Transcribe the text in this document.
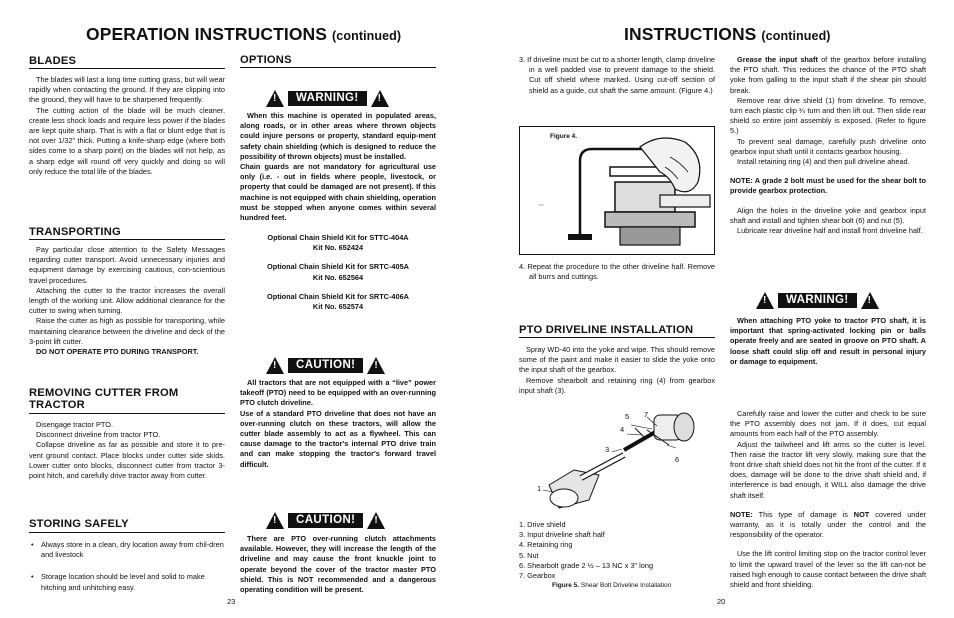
OPERATION INSTRUCTIONS (continued)
BLADES

The blades will last a long time cutting grass, but will wear rapidly when contacting the ground. If they are clipping into the ground, they will have to be sharpened frequently.

The cutting action of the blade will be much cleaner, create less shock loads and require less power if the blades are kept quite sharp. That is with a flat or blunt edge that is not over 1/32" thick. Putting a knife-sharp edge (where both sides come to a sharp point) on the blades will not help, as a sharp edge will round off very quickly and doing so will only reduce the total life of the blades.

TRANSPORTING

Pay particular close attention to the Safety Messages regarding cutter transport. Avoid unnecessary injuries and equipment damage by exercising cautious, con-scientious travel procedures.

Attaching the cutter to the tractor increases the overall length of the working unit. Allow additional clearance for the cutter to swing when turning.

Raise the cutter as high as possible for transporting, while maintaining clearance between the driveline and deck of the 3-point lift cutter.

DO NOT OPERATE PTO DURING TRANSPORT.

REMOVING CUTTER FROM
TRACTOR

Disengage tractor PTO.

Disconnect driveline from tractor PTO.

Collapse driveline as far as possible and store it to pre-vent ground contact. Place blocks under cutter side skids. Lower cutter onto blocks, disconnect cutter from tractor 3-point hitch, and carefully drive tractor away from cutter.

STORING SAFELY
• Always store in a clean, dry location away from chil-dren and livestock
• Storage location should be level and solid to make hitching and unhitching easy.
23
OPTIONS
!
WARNING!
!

When this machine is operated in populated areas, along roads, or in other areas where thrown objects could injure persons or property, standard equip-ment safety chain shielding (which is designed to reduce the possibility of thrown objects) must be installed.

Chain guards are not mandatory for agricultural use only (i.e. - out in fields where people, livestock, or property that could be damaged are not present). If this machine is not equipped with chain shielding, operation must be stopped when anyone comes within several hundred feet.

Optional Chain Shield Kit for STTC-404A
Kit No. 652424
Optional Chain Shield Kit for SRTC-405A
Kit No. 652564
Optional Chain Shield Kit for SRTC-406A
Kit No. 652574
!
CAUTION!
!

All tractors that are not equipped with a “live” power takeoff (PTO) need to be equipped with an over-running PTO clutch driveline.

Use of a standard PTO driveline that does not have an over-running clutch on these tractors, will allow the cutter blade assembly to act as a flywheel. This can cause damage to the tractor's internal PTO drive train and can make stopping the tractor's forward travel difficult.

!
CAUTION!
!

There are PTO over-running clutch attachments available. However, they will increase the length of the driveline and may cause the front knuckle joint to operate beyond the cover of the tractor master PTO shield. This is NOT recommended and a dangerous operating condition will be present.

INSTRUCTIONS (continued)
3. If driveline must be cut to a shorter length, clamp driveline in a well padded vise to prevent damage to the shield. Cut off shield where marked. Using cut-off section of shield as a guide, cut shaft the same amount. (Figure 4.)
Figure 4.
~~
4. Repeat the procedure to the other driveline half. Remove all burrs and cuttings.
PTO DRIVELINE INSTALLATION

Spray WD-40 into the yoke and wipe. This should remove some of the paint and make it easier to slide the yoke onto the input shaft of the gearbox.

Remove shearbolt and retaining ring (4) from gearbox input shaft (3).

5 7
4
3
6
1
1. Drive shield
3. Input driveline shaft half
4. Retaining ring
5. Nut
6. Shearbolt grade 2 ½ – 13 NC x 3" long
7. Gearbox
Figure 5. Shear Bolt Driveline Installation
20

Grease the input shaft of the gearbox before installing the PTO shaft. This reduces the chance of the PTO shaft yoke from galling to the input shaft if the shear pin should break.

Remove rear drive shield (1) from driveline. To remove, turn each plastic clip ¼ turn and then lift out. Then slide rear shield so entire joint assembly is exposed. (Refer to figure 5.)

To prevent seal damage, carefully push driveline onto gearbox input shaft until it contacts gearbox housing.

Install retaining ring (4) and then pull driveline ahead.

NOTE: A grade 2 bolt must be used for the shear bolt to provide gearbox protection.

Align the holes in the driveline yoke and gearbox input shaft and install and tighten shear bolt (6) and nut (5).

Lubricate rear driveline half and install front driveline half.

!
WARNING!
!

When attaching PTO yoke to tractor PTO shaft, it is important that spring-activated locking pin or balls operate freely and are seated in groove on PTO shaft. A loose shaft could slip off and result in personal injury or damage to equipment.

Carefully raise and lower the cutter and check to be sure the PTO assembly does not jam. If it does, cut equal amounts from each half of the PTO assembly.

Adjust the tailwheel and lift arms so the cutter is level. Then raise the tractor lift very slowly, making sure that the front drive shaft shield does not hit the front of the cutter. If it does, damage will be done to the drive shaft shield and, if interference is bad enough, it WILL also damage the drive shaft itself.

NOTE: This type of damage is NOT covered under warranty, as it is totally under the control and the responsibility of the operator.

Use the lift control limiting stop on the tractor control lever to limit the upward travel of the lever so the lift can-not be raised high enough to cause contact between the drive shaft shield and front shielding.
